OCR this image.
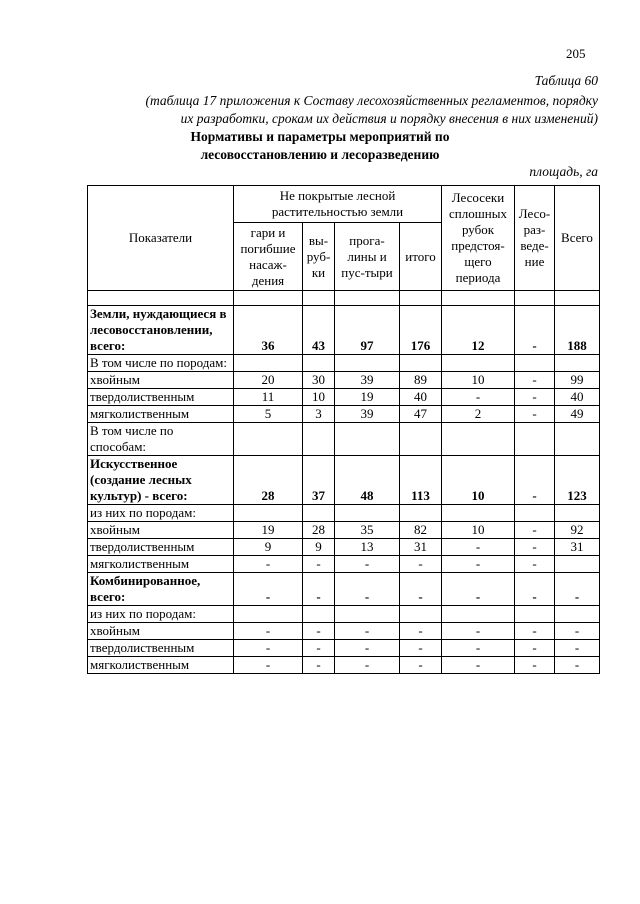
205
Таблица 60
(таблица 17 приложения к Составу лесохозяйственных регламентов, порядку
их разработки, срокам их действия и порядку внесения в них изменений)
Нормативы и параметры мероприятий по
лесовосстановлению и лесоразведению
площадь, га
Показатели	Не покрытые лесной растительностью земли				Лесосеки сплошных рубок предстоя-щего периода	Лесо-раз-веде-ние	Всего
	гари и погибшие насаж-дения	вы-руб-ки	прога-лины и пус-тыри	итого			

Земли, нуждающиеся в лесовосстановлении, всего:	36	43	97	176	12	-	188
В том числе по породам:							
хвойным	20	30	39	89	10	-	99
твердолиственным	11	10	19	40	-	-	40
мягколиственным	5	3	39	47	2	-	49
В том числе по способам:							
Искусственное (создание лесных культур) - всего:	28	37	48	113	10	-	123
из них по породам:							
хвойным	19	28	35	82	10	-	92
твердолиственным	9	9	13	31	-	-	31
мягколиственным	-	-	-	-	-	-	
Комбинированное, всего:	-	-	-	-	-	-	-
из них по породам:							
хвойным	-	-	-	-	-	-	-
твердолиственным	-	-	-	-	-	-	-
мягколиственным	-	-	-	-	-	-	-
